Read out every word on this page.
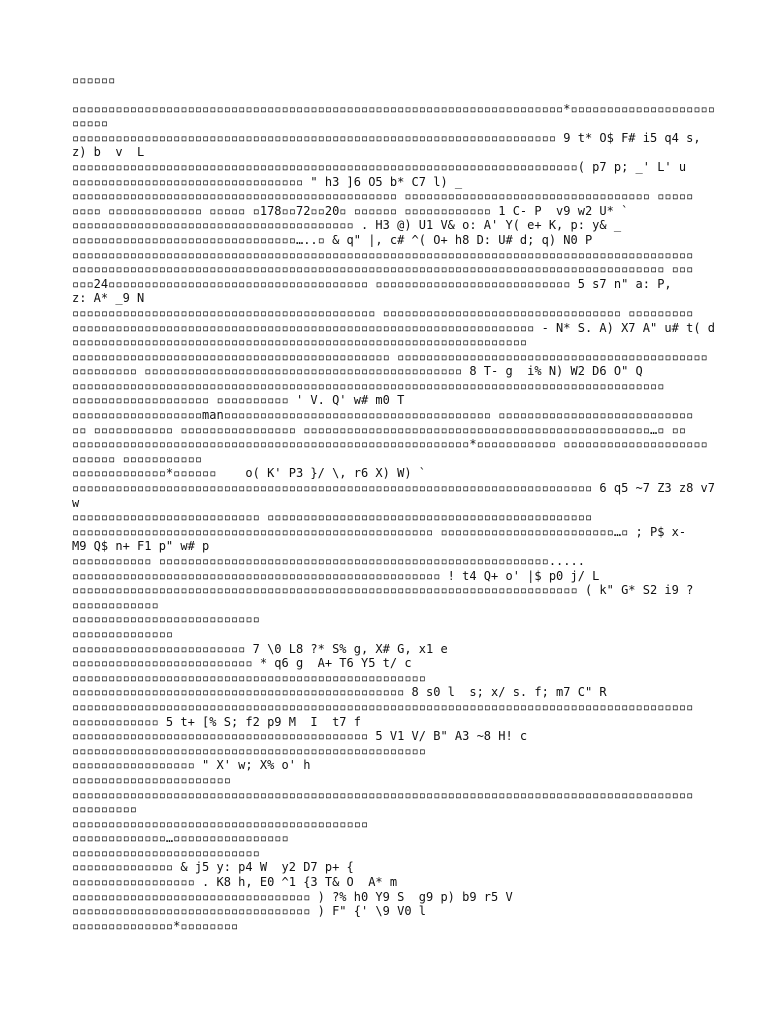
▫▫▫▫▫▫
▫▫▫▫▫▫▫▫▫▫▫▫▫▫▫▫▫▫▫▫▫▫▫▫▫▫▫▫▫▫▫▫▫▫▫▫▫▫▫▫▫▫▫▫▫▫▫▫▫▫▫▫▫▫▫▫▫▫▫▫▫▫▫▫▫▫▫▫*▫▫▫▫▫▫▫▫▫▫▫▫▫▫▫▫▫▫▫▫
▫▫▫▫▫
▫▫▫▫▫▫▫▫▫▫▫▫▫▫▫▫▫▫▫▫▫▫▫▫▫▫▫▫▫▫▫▫▫▫▫▫▫▫▫▫▫▫▫▫▫▫▫▫▫▫▫▫▫▫▫▫▫▫▫▫▫▫▫▫▫▫▫ 9 t* O$ F# i5 q4 s,
z) b  v  L
▫▫▫▫▫▫▫▫▫▫▫▫▫▫▫▫▫▫▫▫▫▫▫▫▫▫▫▫▫▫▫▫▫▫▫▫▫▫▫▫▫▫▫▫▫▫▫▫▫▫▫▫▫▫▫▫▫▫▫▫▫▫▫▫▫▫▫▫▫▫( p7 p; _' L' u
▫▫▫▫▫▫▫▫▫▫▫▫▫▫▫▫▫▫▫▫▫▫▫▫▫▫▫▫▫▫▫▫ " h3 ]6 O5 b* C7 l) _
▫▫▫▫▫▫▫▫▫▫▫▫▫▫▫▫▫▫▫▫▫▫▫▫▫▫▫▫▫▫▫▫▫▫▫▫▫▫▫▫▫▫▫▫▫ ▫▫▫▫▫▫▫▫▫▫▫▫▫▫▫▫▫▫▫▫▫▫▫▫▫▫▫▫▫▫▫▫▫▫ ▫▫▫▫▫
▫▫▫▫ ▫▫▫▫▫▫▫▫▫▫▫▫▫ ▫▫▫▫▫ ▫178▫▫72▫▫20▫ ▫▫▫▫▫▫ ▫▫▫▫▫▫▫▫▫▫▫▫ 1 C- P  v9 w2 U* `
▫▫▫▫▫▫▫▫▫▫▫▫▫▫▫▫▫▫▫▫▫▫▫▫▫▫▫▫▫▫▫▫▫▫▫▫▫▫▫ . H3 @) U1 V& o: A' Y( e+ K, p: y& _
▫▫▫▫▫▫▫▫▫▫▫▫▫▫▫▫▫▫▫▫▫▫▫▫▫▫▫▫▫▫▫…..▫ & q" |, c# ^( O+ h8 D: U# d; q) N0 P
▫▫▫▫▫▫▫▫▫▫▫▫▫▫▫▫▫▫▫▫▫▫▫▫▫▫▫▫▫▫▫▫▫▫▫▫▫▫▫▫▫▫▫▫▫▫▫▫▫▫▫▫▫▫▫▫▫▫▫▫▫▫▫▫▫▫▫▫▫▫▫▫▫▫▫▫▫▫▫▫▫▫▫▫▫▫
▫▫▫▫▫▫▫▫▫▫▫▫▫▫▫▫▫▫▫▫▫▫▫▫▫▫▫▫▫▫▫▫▫▫▫▫▫▫▫▫▫▫▫▫▫▫▫▫▫▫▫▫▫▫▫▫▫▫▫▫▫▫▫▫▫▫▫▫▫▫▫▫▫▫▫▫▫▫▫▫▫▫ ▫▫▫
▫▫▫24▫▫▫▫▫▫▫▫▫▫▫▫▫▫▫▫▫▫▫▫▫▫▫▫▫▫▫▫▫▫▫▫▫▫▫▫ ▫▫▫▫▫▫▫▫▫▫▫▫▫▫▫▫▫▫▫▫▫▫▫▫▫▫▫ 5 s7 n" a: P,
z: A* _9 N
▫▫▫▫▫▫▫▫▫▫▫▫▫▫▫▫▫▫▫▫▫▫▫▫▫▫▫▫▫▫▫▫▫▫▫▫▫▫▫▫▫▫ ▫▫▫▫▫▫▫▫▫▫▫▫▫▫▫▫▫▫▫▫▫▫▫▫▫▫▫▫▫▫▫▫▫ ▫▫▫▫▫▫▫▫▫
▫▫▫▫▫▫▫▫▫▫▫▫▫▫▫▫▫▫▫▫▫▫▫▫▫▫▫▫▫▫▫▫▫▫▫▫▫▫▫▫▫▫▫▫▫▫▫▫▫▫▫▫▫▫▫▫▫▫▫▫▫▫▫▫ - N* S. A) X7 A" u# t( d
▫▫▫▫▫▫▫▫▫▫▫▫▫▫▫▫▫▫▫▫▫▫▫▫▫▫▫▫▫▫▫▫▫▫▫▫▫▫▫▫▫▫▫▫▫▫▫▫▫▫▫▫▫▫▫▫▫▫▫▫▫▫▫
▫▫▫▫▫▫▫▫▫▫▫▫▫▫▫▫▫▫▫▫▫▫▫▫▫▫▫▫▫▫▫▫▫▫▫▫▫▫▫▫▫▫▫▫ ▫▫▫▫▫▫▫▫▫▫▫▫▫▫▫▫▫▫▫▫▫▫▫▫▫▫▫▫▫▫▫▫▫▫▫▫▫▫▫▫▫▫▫
▫▫▫▫▫▫▫▫▫ ▫▫▫▫▫▫▫▫▫▫▫▫▫▫▫▫▫▫▫▫▫▫▫▫▫▫▫▫▫▫▫▫▫▫▫▫▫▫▫▫▫▫▫▫ 8 T- g  i% N) W2 D6 O" Q
▫▫▫▫▫▫▫▫▫▫▫▫▫▫▫▫▫▫▫▫▫▫▫▫▫▫▫▫▫▫▫▫▫▫▫▫▫▫▫▫▫▫▫▫▫▫▫▫▫▫▫▫▫▫▫▫▫▫▫▫▫▫▫▫▫▫▫▫▫▫▫▫▫▫▫▫▫▫▫▫▫▫
▫▫▫▫▫▫▫▫▫▫▫▫▫▫▫▫▫▫▫ ▫▫▫▫▫▫▫▫▫▫ ' V. Q' w# m0 T
▫▫▫▫▫▫▫▫▫▫▫▫▫▫▫▫▫▫man▫▫▫▫▫▫▫▫▫▫▫▫▫▫▫▫▫▫▫▫▫▫▫▫▫▫▫▫▫▫▫▫▫▫▫▫▫ ▫▫▫▫▫▫▫▫▫▫▫▫▫▫▫▫▫▫▫▫▫▫▫▫▫▫▫
▫▫ ▫▫▫▫▫▫▫▫▫▫▫ ▫▫▫▫▫▫▫▫▫▫▫▫▫▫▫▫ ▫▫▫▫▫▫▫▫▫▫▫▫▫▫▫▫▫▫▫▫▫▫▫▫▫▫▫▫▫▫▫▫▫▫▫▫▫▫▫▫▫▫▫▫▫▫▫▫…▫ ▫▫
▫▫▫▫▫▫▫▫▫▫▫▫▫▫▫▫▫▫▫▫▫▫▫▫▫▫▫▫▫▫▫▫▫▫▫▫▫▫▫▫▫▫▫▫▫▫▫▫▫▫▫▫▫▫▫*▫▫▫▫▫▫▫▫▫▫▫ ▫▫▫▫▫▫▫▫▫▫▫▫▫▫▫▫▫▫▫▫
▫▫▫▫▫▫ ▫▫▫▫▫▫▫▫▫▫▫
▫▫▫▫▫▫▫▫▫▫▫▫▫*▫▫▫▫▫▫    o( K' P3 }/ \, r6 X) W) `
▫▫▫▫▫▫▫▫▫▫▫▫▫▫▫▫▫▫▫▫▫▫▫▫▫▫▫▫▫▫▫▫▫▫▫▫▫▫▫▫▫▫▫▫▫▫▫▫▫▫▫▫▫▫▫▫▫▫▫▫▫▫▫▫▫▫▫▫▫▫▫▫ 6 q5 ~7 Z3 z8 v7
w
▫▫▫▫▫▫▫▫▫▫▫▫▫▫▫▫▫▫▫▫▫▫▫▫▫▫ ▫▫▫▫▫▫▫▫▫▫▫▫▫▫▫▫▫▫▫▫▫▫▫▫▫▫▫▫▫▫▫▫▫▫▫▫▫▫▫▫▫▫▫▫▫
▫▫▫▫▫▫▫▫▫▫▫▫▫▫▫▫▫▫▫▫▫▫▫▫▫▫▫▫▫▫▫▫▫▫▫▫▫▫▫▫▫▫▫▫▫▫▫▫▫▫ ▫▫▫▫▫▫▫▫▫▫▫▫▫▫▫▫▫▫▫▫▫▫▫▫…▫ ; P$ x-
M9 Q$ n+ F1 p" w# p
▫▫▫▫▫▫▫▫▫▫▫ ▫▫▫▫▫▫▫▫▫▫▫▫▫▫▫▫▫▫▫▫▫▫▫▫▫▫▫▫▫▫▫▫▫▫▫▫▫▫▫▫▫▫▫▫▫▫▫▫▫▫▫▫▫▫.....
▫▫▫▫▫▫▫▫▫▫▫▫▫▫▫▫▫▫▫▫▫▫▫▫▫▫▫▫▫▫▫▫▫▫▫▫▫▫▫▫▫▫▫▫▫▫▫▫▫▫▫ ! t4 Q+ o' |$ p0 j/ L
▫▫▫▫▫▫▫▫▫▫▫▫▫▫▫▫▫▫▫▫▫▫▫▫▫▫▫▫▫▫▫▫▫▫▫▫▫▫▫▫▫▫▫▫▫▫▫▫▫▫▫▫▫▫▫▫▫▫▫▫▫▫▫▫▫▫▫▫▫▫ ( k" G* S2 i9 ?
▫▫▫▫▫▫▫▫▫▫▫▫
▫▫▫▫▫▫▫▫▫▫▫▫▫▫▫▫▫▫▫▫▫▫▫▫▫▫
▫▫▫▫▫▫▫▫▫▫▫▫▫▫
▫▫▫▫▫▫▫▫▫▫▫▫▫▫▫▫▫▫▫▫▫▫▫▫ 7 \0 L8 ?* S% g, X# G, x1 e
▫▫▫▫▫▫▫▫▫▫▫▫▫▫▫▫▫▫▫▫▫▫▫▫▫ * q6 g  A+ T6 Y5 t/ c
▫▫▫▫▫▫▫▫▫▫▫▫▫▫▫▫▫▫▫▫▫▫▫▫▫▫▫▫▫▫▫▫▫▫▫▫▫▫▫▫▫▫▫▫▫▫▫▫▫
▫▫▫▫▫▫▫▫▫▫▫▫▫▫▫▫▫▫▫▫▫▫▫▫▫▫▫▫▫▫▫▫▫▫▫▫▫▫▫▫▫▫▫▫▫▫ 8 s0 l  s; x/ s. f; m7 C" R
▫▫▫▫▫▫▫▫▫▫▫▫▫▫▫▫▫▫▫▫▫▫▫▫▫▫▫▫▫▫▫▫▫▫▫▫▫▫▫▫▫▫▫▫▫▫▫▫▫▫▫▫▫▫▫▫▫▫▫▫▫▫▫▫▫▫▫▫▫▫▫▫▫▫▫▫▫▫▫▫▫▫▫▫▫▫
▫▫▫▫▫▫▫▫▫▫▫▫ 5 t+ [% S; f2 p9 M  I  t7 f
▫▫▫▫▫▫▫▫▫▫▫▫▫▫▫▫▫▫▫▫▫▫▫▫▫▫▫▫▫▫▫▫▫▫▫▫▫▫▫▫▫ 5 V1 V/ B" A3 ~8 H! c
▫▫▫▫▫▫▫▫▫▫▫▫▫▫▫▫▫▫▫▫▫▫▫▫▫▫▫▫▫▫▫▫▫▫▫▫▫▫▫▫▫▫▫▫▫▫▫▫▫
▫▫▫▫▫▫▫▫▫▫▫▫▫▫▫▫▫ " X' w; X% o' h
▫▫▫▫▫▫▫▫▫▫▫▫▫▫▫▫▫▫▫▫▫▫
▫▫▫▫▫▫▫▫▫▫▫▫▫▫▫▫▫▫▫▫▫▫▫▫▫▫▫▫▫▫▫▫▫▫▫▫▫▫▫▫▫▫▫▫▫▫▫▫▫▫▫▫▫▫▫▫▫▫▫▫▫▫▫▫▫▫▫▫▫▫▫▫▫▫▫▫▫▫▫▫▫▫▫▫▫▫
▫▫▫▫▫▫▫▫▫
▫▫▫▫▫▫▫▫▫▫▫▫▫▫▫▫▫▫▫▫▫▫▫▫▫▫▫▫▫▫▫▫▫▫▫▫▫▫▫▫▫
▫▫▫▫▫▫▫▫▫▫▫▫▫…▫▫▫▫▫▫▫▫▫▫▫▫▫▫▫▫
▫▫▫▫▫▫▫▫▫▫▫▫▫▫▫▫▫▫▫▫▫▫▫▫▫▫
▫▫▫▫▫▫▫▫▫▫▫▫▫▫ & j5 y: p4 W  y2 D7 p+ {
▫▫▫▫▫▫▫▫▫▫▫▫▫▫▫▫▫ . K8 h, E0 ^1 {3 T& O  A* m
▫▫▫▫▫▫▫▫▫▫▫▫▫▫▫▫▫▫▫▫▫▫▫▫▫▫▫▫▫▫▫▫▫ ) ?% h0 Y9 S  g9 p) b9 r5 V
▫▫▫▫▫▫▫▫▫▫▫▫▫▫▫▫▫▫▫▫▫▫▫▫▫▫▫▫▫▫▫▫▫ ) F" {' \9 V0 l
▫▫▫▫▫▫▫▫▫▫▫▫▫▫*▫▫▫▫▫▫▫▫
